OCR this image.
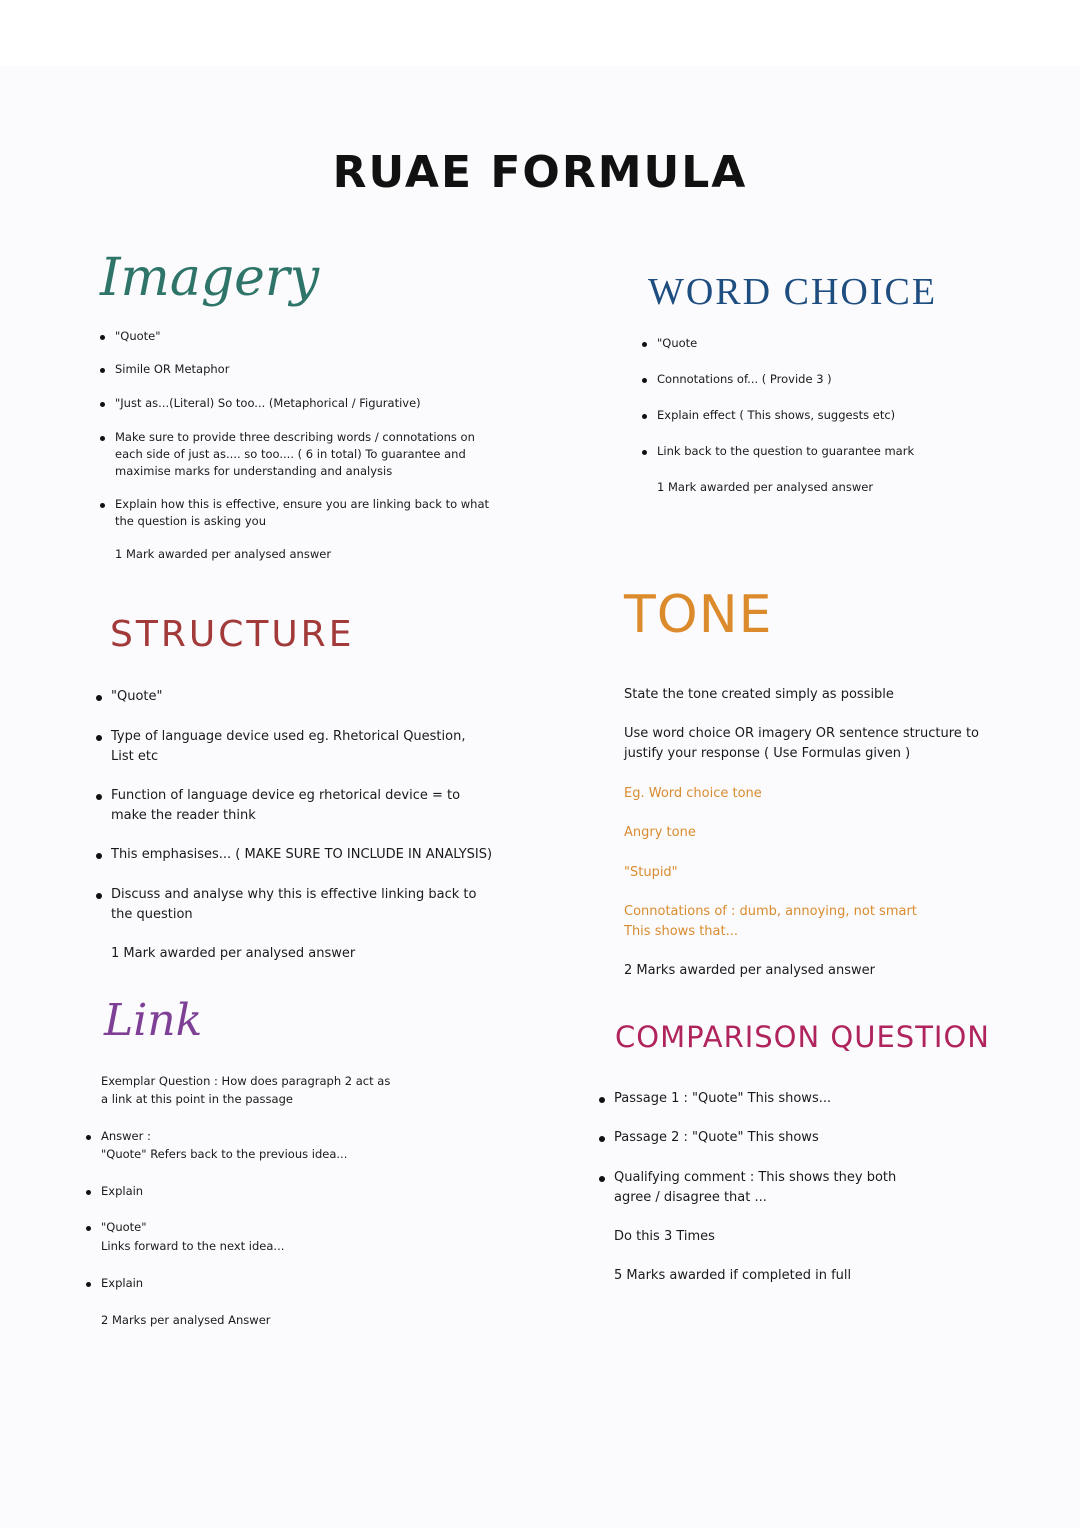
RUAE FORMULA
Imagery

"Quote"

Simile OR Metaphor

"Just as...(Literal) So too... (Metaphorical / Figurative)

Make sure to provide three describing words / connotations on each side of just as.... so too.... ( 6 in total) To guarantee and maximise marks for understanding and analysis

Explain how this is effective, ensure you are linking back to what the question is asking you

1 Mark awarded per analysed answer

WORD CHOICE

"Quote

Connotations of... ( Provide 3 )

Explain effect ( This shows, suggests etc)

Link back to the question to guarantee mark

1 Mark awarded per analysed answer

STRUCTURE

"Quote"

Type of language device used eg. Rhetorical Question, List etc

Function of language device eg rhetorical device = to make the reader think

This emphasises... ( MAKE SURE TO INCLUDE IN ANALYSIS)

Discuss and analyse why this is effective linking back to the question

1 Mark awarded per analysed answer

TONE

State the tone created simply as possible

Use word choice OR imagery OR sentence structure to justify your response ( Use Formulas given )

Eg. Word choice tone

Angry tone

"Stupid"

Connotations of : dumb, annoying, not smart

This shows that...

2 Marks awarded per analysed answer

Link

Exemplar Question : How does paragraph 2 act as a link at this point in the passage

Answer :

"Quote" Refers back to the previous idea...

Explain

"Quote"

Links forward to the next idea...

Explain

2 Marks per analysed Answer

COMPARISON QUESTION

Passage 1 : "Quote" This shows...

Passage 2 : "Quote" This shows

Qualifying comment : This shows they both agree / disagree that ...

Do this 3 Times

5 Marks awarded if completed in full
